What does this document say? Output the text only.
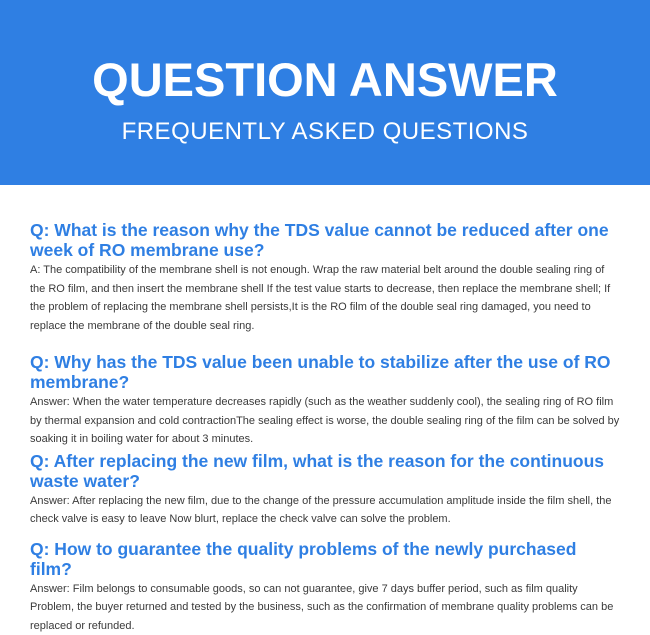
QUESTION ANSWER
FREQUENTLY ASKED QUESTIONS

Q: What is the reason why the TDS value cannot be reduced after one week of RO membrane use?

A: The compatibility of the membrane shell is not enough. Wrap the raw material belt around the double sealing ring of the RO film, and then insert the membrane shell If the test value starts to decrease, then replace the membrane shell; If the problem of replacing the membrane shell persists,It is the RO film of the double seal ring damaged, you need to replace the membrane of the double seal ring.

Q: Why has the TDS value been unable to stabilize after the use of RO membrane?

Answer: When the water temperature decreases rapidly (such as the weather suddenly cool), the sealing ring of RO film by thermal expansion and cold contractionThe sealing effect is worse, the double sealing ring of the film can be solved by soaking it in boiling water for about 3 minutes.

Q: After replacing the new film, what is the reason for the continuous waste water?

Answer: After replacing the new film, due to the change of the pressure accumulation amplitude inside the film shell, the check valve is easy to leave Now blurt, replace the check valve can solve the problem.

Q: How to guarantee the quality problems of the newly purchased film?

Answer: Film belongs to consumable goods, so can not guarantee, give 7 days buffer period, such as film quality Problem, the buyer returned and tested by the business, such as the confirmation of membrane quality problems can be replaced or refunded.
